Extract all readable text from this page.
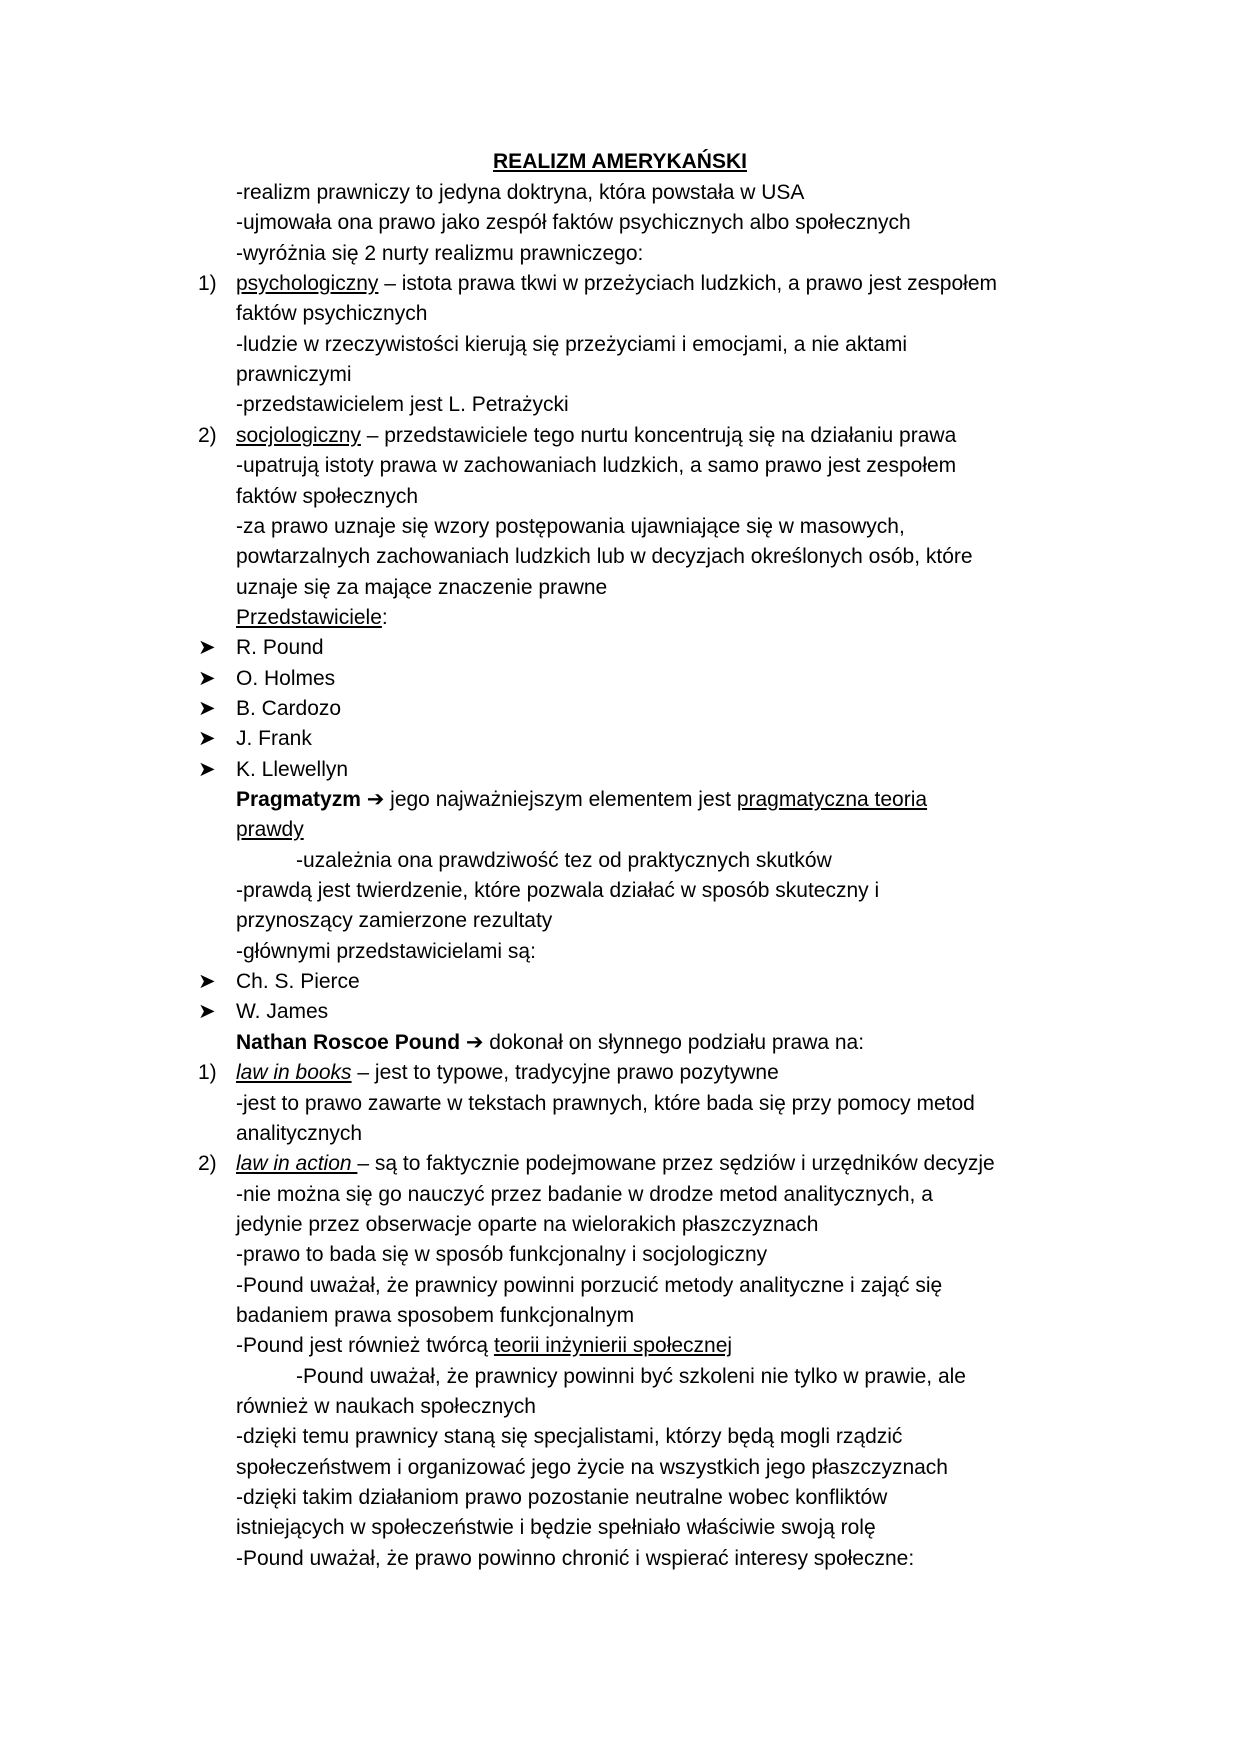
REALIZM AMERYKAŃSKI
-realizm prawniczy to jedyna doktryna, która powstała w USA
-ujmowała ona prawo jako zespół faktów psychicznych albo społecznych
-wyróżnia się 2 nurty realizmu prawniczego:
1) psychologiczny – istota prawa tkwi w przeżyciach ludzkich, a prawo jest zespołem
faktów psychicznych
-ludzie w rzeczywistości kierują się przeżyciami i emocjami, a nie aktami
prawniczymi
-przedstawicielem jest L. Petrażycki
2) socjologiczny – przedstawiciele tego nurtu koncentrują się na działaniu prawa
-upatrują istoty prawa w zachowaniach ludzkich, a samo prawo jest zespołem
faktów społecznych
-za prawo uznaje się wzory postępowania ujawniające się w masowych,
powtarzalnych zachowaniach ludzkich lub w decyzjach określonych osób, które
uznaje się za mające znaczenie prawne
Przedstawiciele:
➤ R. Pound
➤ O. Holmes
➤ B. Cardozo
➤ J. Frank
➤ K. Llewellyn
Pragmatyzm ➔ jego najważniejszym elementem jest pragmatyczna teoria
prawdy
-uzależnia ona prawdziwość tez od praktycznych skutków
-prawdą jest twierdzenie, które pozwala działać w sposób skuteczny i
przynoszący zamierzone rezultaty
-głównymi przedstawicielami są:
➤ Ch. S. Pierce
➤ W. James
Nathan Roscoe Pound ➔ dokonał on słynnego podziału prawa na:
1) law in books – jest to typowe, tradycyjne prawo pozytywne
-jest to prawo zawarte w tekstach prawnych, które bada się przy pomocy metod
analitycznych
2) law in action – są to faktycznie podejmowane przez sędziów i urzędników decyzje
-nie można się go nauczyć przez badanie w drodze metod analitycznych, a
jedynie przez obserwacje oparte na wielorakich płaszczyznach
-prawo to bada się w sposób funkcjonalny i socjologiczny
-Pound uważał, że prawnicy powinni porzucić metody analityczne i zająć się
badaniem prawa sposobem funkcjonalnym
-Pound jest również twórcą teorii inżynierii społecznej
-Pound uważał, że prawnicy powinni być szkoleni nie tylko w prawie, ale
również w naukach społecznych
-dzięki temu prawnicy staną się specjalistami, którzy będą mogli rządzić
społeczeństwem i organizować jego życie na wszystkich jego płaszczyznach
-dzięki takim działaniom prawo pozostanie neutralne wobec konfliktów
istniejących w społeczeństwie i będzie spełniało właściwie swoją rolę
-Pound uważał, że prawo powinno chronić i wspierać interesy społeczne:
